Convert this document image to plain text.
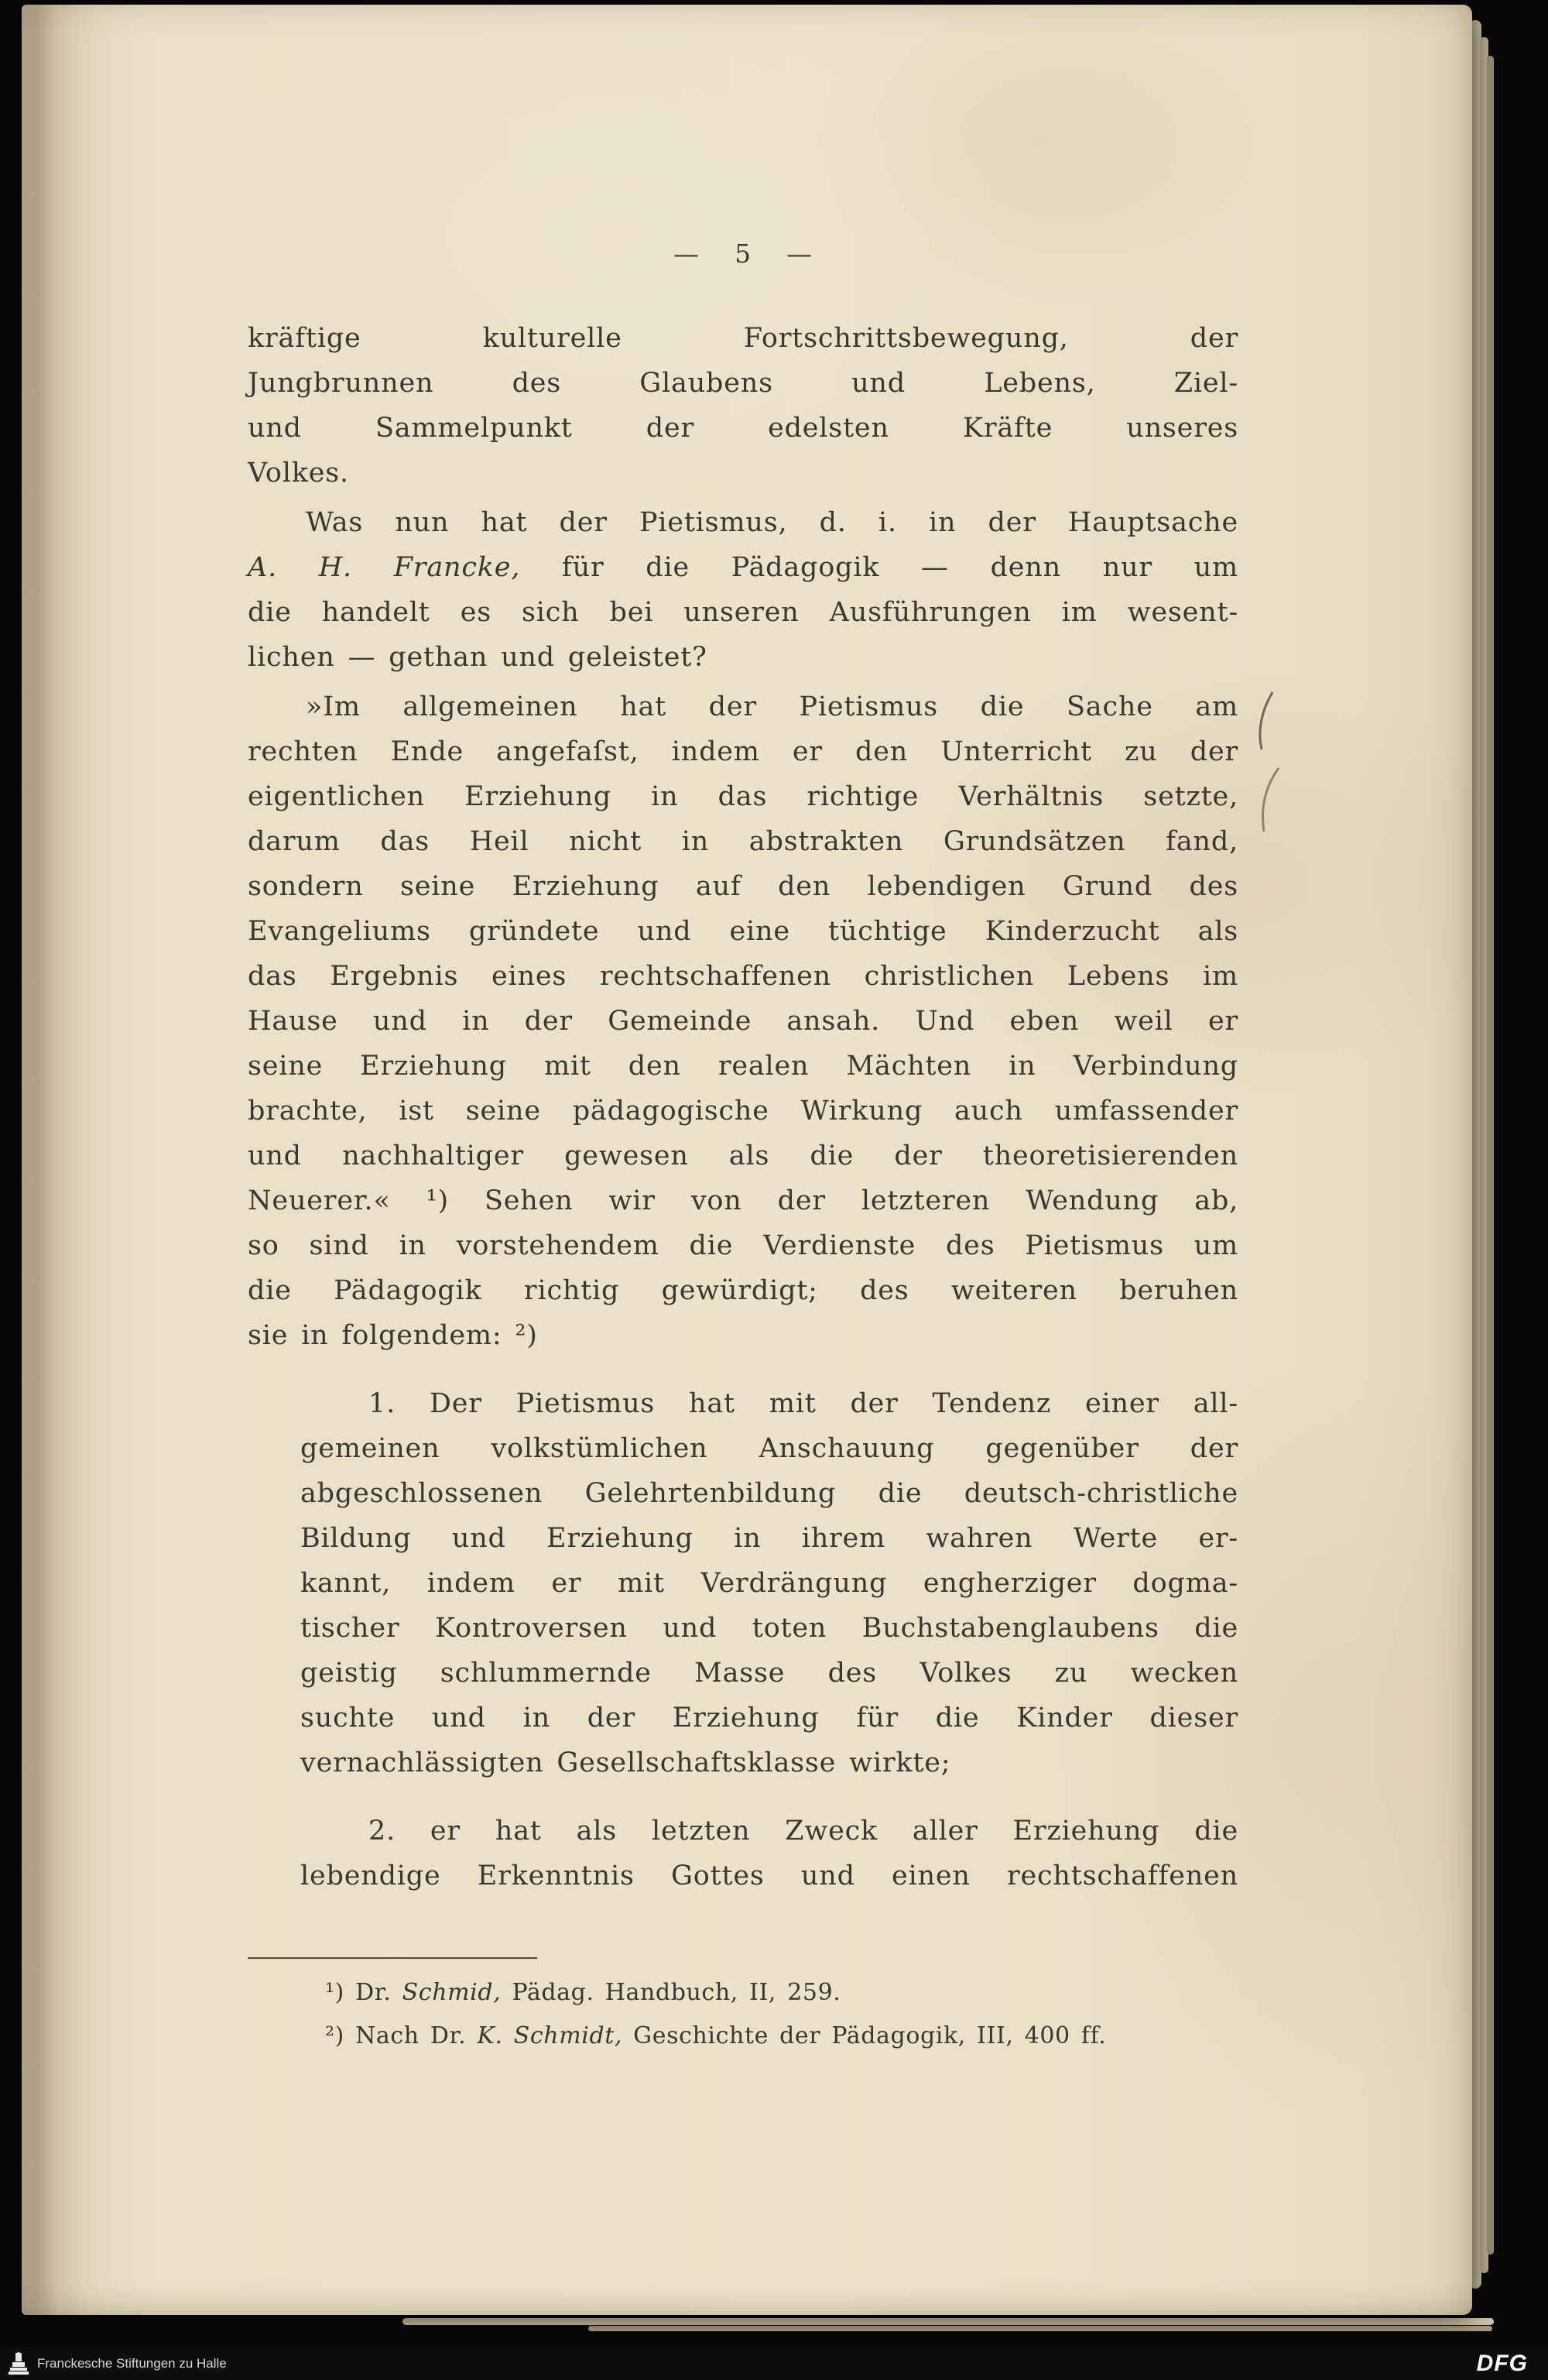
— 5 —
kräftige kulturelle Fortschrittsbewegung, der
Jungbrunnen des Glaubens und Lebens, Ziel-
und Sammelpunkt der edelsten Kräfte unseres
Volkes.
Was nun hat der Pietismus, d. i. in der Hauptsache
A. H. Francke, für die Pädagogik — denn nur um
die handelt es sich bei unseren Ausführungen im wesent-
lichen — gethan und geleistet?
»Im allgemeinen hat der Pietismus die Sache am
rechten Ende angefaſst, indem er den Unterricht zu der
eigentlichen Erziehung in das richtige Verhältnis setzte,
darum das Heil nicht in abstrakten Grundsätzen fand,
sondern seine Erziehung auf den lebendigen Grund des
Evangeliums gründete und eine tüchtige Kinderzucht als
das Ergebnis eines rechtschaffenen christlichen Lebens im
Hause und in der Gemeinde ansah. Und eben weil er
seine Erziehung mit den realen Mächten in Verbindung
brachte, ist seine pädagogische Wirkung auch umfassender
und nachhaltiger gewesen als die der theoretisierenden
Neuerer.« ¹) Sehen wir von der letzteren Wendung ab,
so sind in vorstehendem die Verdienste des Pietismus um
die Pädagogik richtig gewürdigt; des weiteren beruhen
sie in folgendem: ²)
1. Der Pietismus hat mit der Tendenz einer all-
gemeinen volkstümlichen Anschauung gegenüber der
abgeschlossenen Gelehrtenbildung die deutsch-christliche
Bildung und Erziehung in ihrem wahren Werte er-
kannt, indem er mit Verdrängung engherziger dogma-
tischer Kontroversen und toten Buchstabenglaubens die
geistig schlummernde Masse des Volkes zu wecken
suchte und in der Erziehung für die Kinder dieser
vernachlässigten Gesellschaftsklasse wirkte;
2. er hat als letzten Zweck aller Erziehung die
lebendige Erkenntnis Gottes und einen rechtschaffenen
¹) Dr. Schmid, Pädag. Handbuch, II, 259.
²) Nach Dr. K. Schmidt, Geschichte der Pädagogik, III, 400 ff.
Franckesche Stiftungen zu Halle	DFG
